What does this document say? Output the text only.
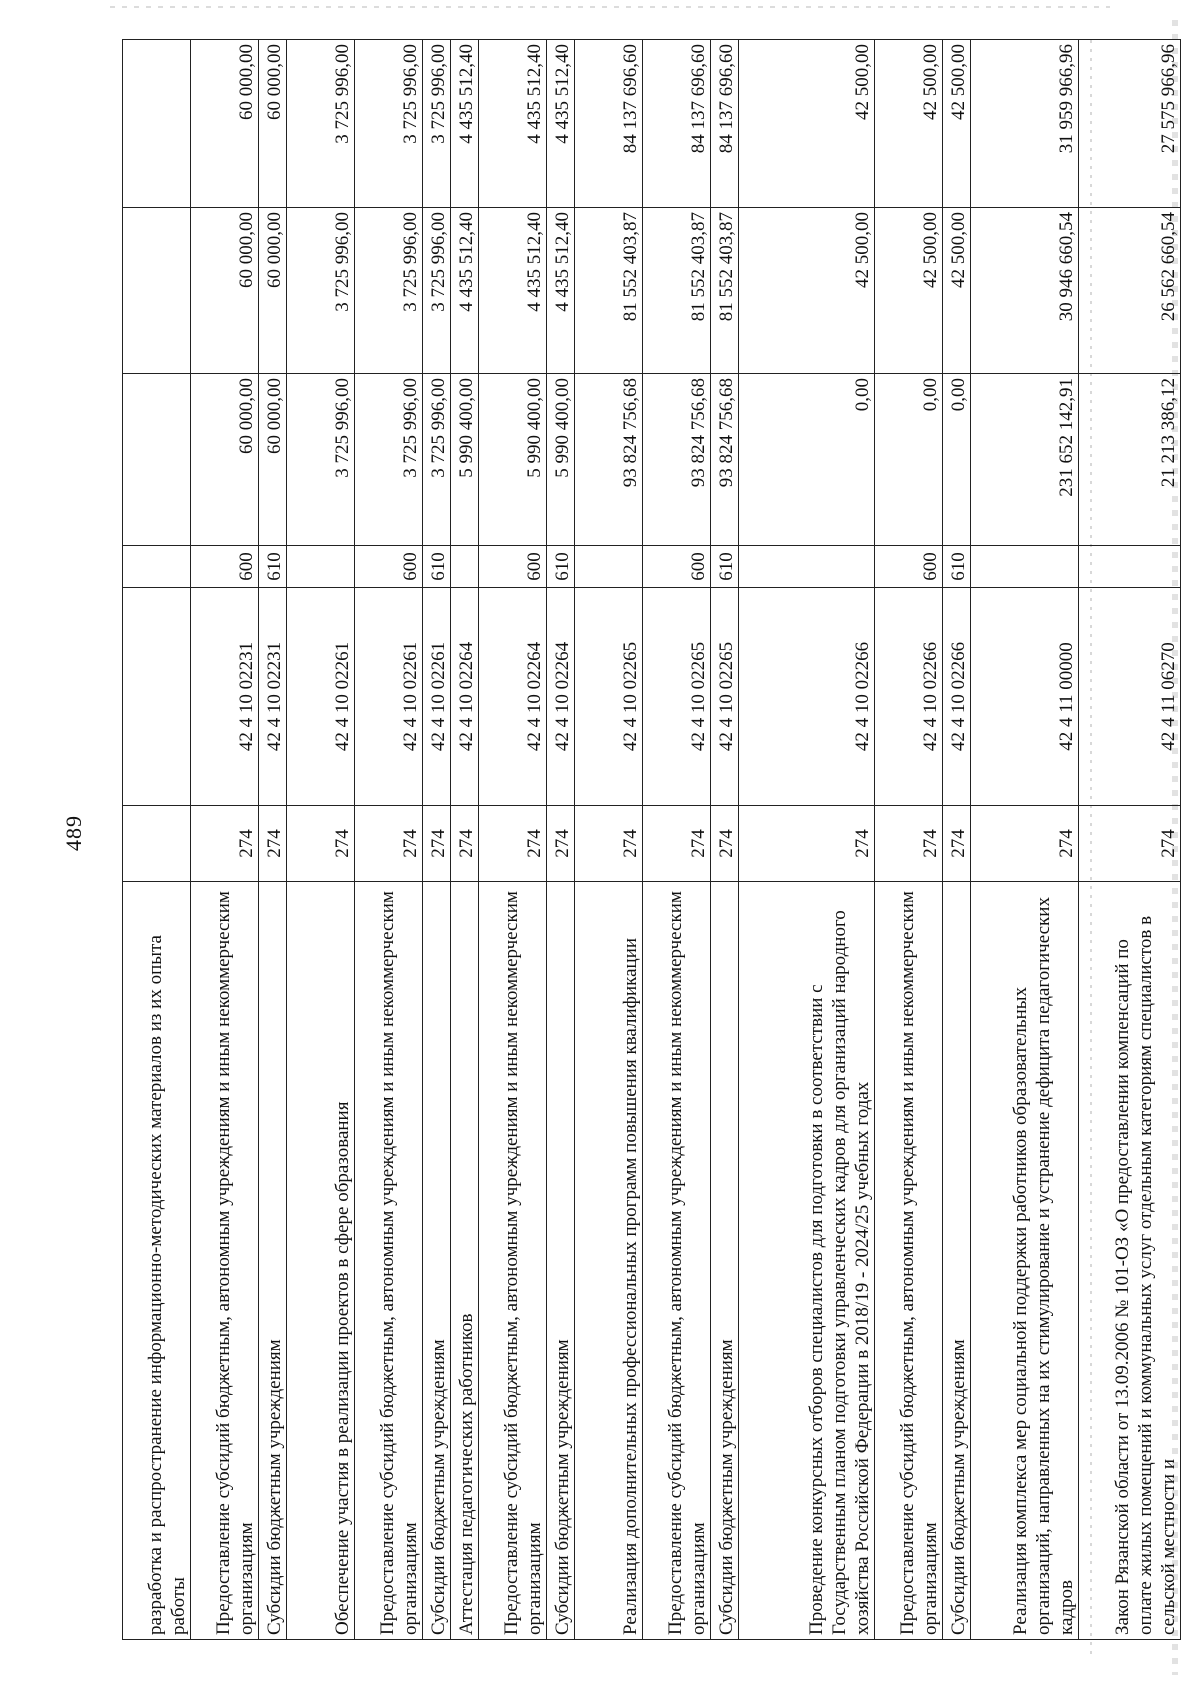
489
разработка и распространение информационно-методических материалов из их опыта работы						
Предоставление субсидий бюджетным, автономным учреждениям и иным некоммерческим организациям	274	42 4 10 02231	600	60 000,00	60 000,00	60 000,00
Субсидии бюджетным учреждениям	274	42 4 10 02231	610	60 000,00	60 000,00	60 000,00
Обеспечение участия в реализации проектов в сфере образования	274	42 4 10 02261		3 725 996,00	3 725 996,00	3 725 996,00
Предоставление субсидий бюджетным, автономным учреждениям и иным некоммерческим организациям	274	42 4 10 02261	600	3 725 996,00	3 725 996,00	3 725 996,00
Субсидии бюджетным учреждениям	274	42 4 10 02261	610	3 725 996,00	3 725 996,00	3 725 996,00
Аттестация педагогических работников	274	42 4 10 02264		5 990 400,00	4 435 512,40	4 435 512,40
Предоставление субсидий бюджетным, автономным учреждениям и иным некоммерческим организациям	274	42 4 10 02264	600	5 990 400,00	4 435 512,40	4 435 512,40
Субсидии бюджетным учреждениям	274	42 4 10 02264	610	5 990 400,00	4 435 512,40	4 435 512,40
Реализация дополнительных профессиональных программ повышения квалификации	274	42 4 10 02265		93 824 756,68	81 552 403,87	84 137 696,60
Предоставление субсидий бюджетным, автономным учреждениям и иным некоммерческим организациям	274	42 4 10 02265	600	93 824 756,68	81 552 403,87	84 137 696,60
Субсидии бюджетным учреждениям	274	42 4 10 02265	610	93 824 756,68	81 552 403,87	84 137 696,60
Проведение конкурсных отборов специалистов для подготовки в соответствии с Государственным планом подготовки управленческих кадров для организаций народного хозяйства Российской Федерации в 2018/19 - 2024/25 учебных годах	274	42 4 10 02266		0,00	42 500,00	42 500,00
Предоставление субсидий бюджетным, автономным учреждениям и иным некоммерческим организациям	274	42 4 10 02266	600	0,00	42 500,00	42 500,00
Субсидии бюджетным учреждениям	274	42 4 10 02266	610	0,00	42 500,00	42 500,00
Реализация комплекса мер социальной поддержки работников образовательных организаций, направленных на их стимулирование и устранение дефицита педагогических кадров	274	42 4 11 00000		231 652 142,91	30 946 660,54	31 959 966,96
Закон Рязанской области от 13.09.2006 № 101-ОЗ «О предоставлении компенсаций по оплате жилых помещений и коммунальных услуг отдельным категориям специалистов в сельской местности и	274	42 4 11 06270		21 213 386,12	26 562 660,54	27 575 966,96
